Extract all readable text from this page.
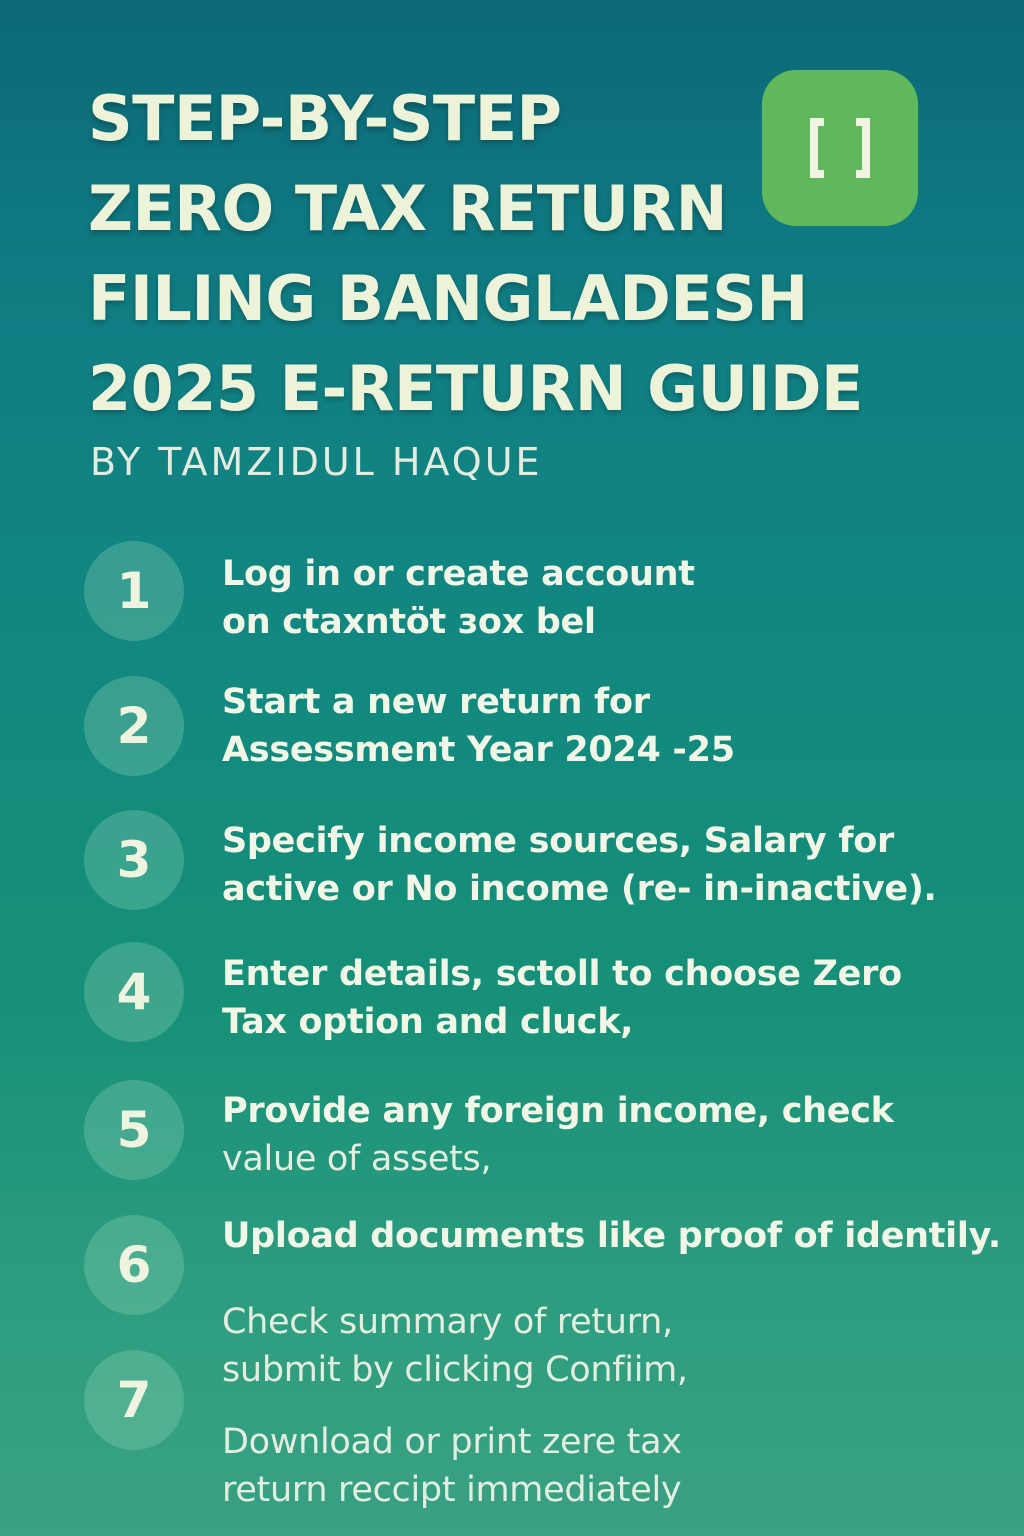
STEP-BY-STEP
ZERO TAX RETURN
FILING BANGLADESH
2025 E-RETURN GUIDE
BY TAMZIDUL HAQUE
1	Log in or create account
on ctaxntöt зox bel
2	Start a new return for
Assessment Year 2024 -25
3	Specify income sources, Salary for
active or No income (re- in-inactive).
4	Enter details, sctoll to choose Zero
Tax option and cluck,
5	Provide any foreign income, check
value of assets,
6	Upload documents like proof of identily.
7
Check summary of return,
submit by clicking Confiim,
Download or print zere tax
return reccipt immediately
